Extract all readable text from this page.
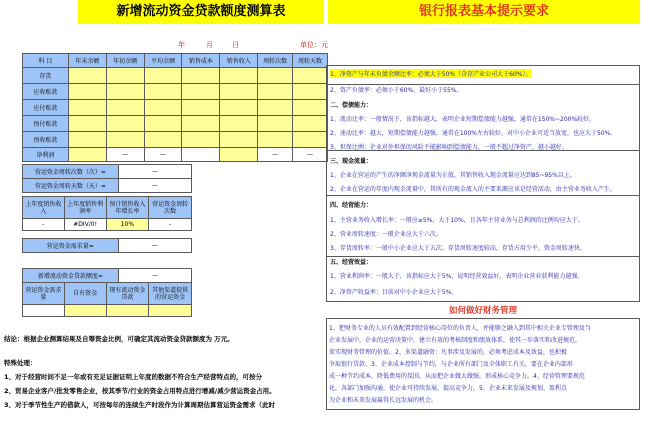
新增流动资金贷款额度测算表	银行报表基本提示要求
年	月	日	单位：元
科 目	年末余额	年初余额	平均余额	销售成本	销售收入	周转次数	周转天数
存货							
应收账款							
应付账款							
预付账款							
预收账款							
净利润		—	—			—	—
营运资金周转次数（次）=	—
营运资金周转天数（天）=	—
上年度销售收入	上年度销售利润率	预计销售收入年增长率	营运资金周转次数
-	#DIV/0!	10%	-
营运资金需求量=	—
新增流动资金贷款额度=	—
营运资金需求量	自有资金	现有流动资金贷款	其他渠道提供的营运资金

1、净资产与年末负债余额比率：必须大于50%（含存产业公司大于60%）。
2、资产负债率：必须小于60%，最好小于55%。
二、偿债能力：
1、流动比率：一般情况下，该指标越大，表明企业短期偿债能力越强，通常在150%~200%较好。
2、速动比率：越大，短期偿债能力越强，通常在100%左右较好，对中小企业可适当放宽，也应大于50%。
3、担保比例：企业对外担保的风险不能影响到偿债能力，一般不超过净资产，越小越好。
三、现金流量：
1、企业在营运的产生的净额净现金流量为正值，其销售收入现金流量应达到85~95%以上。
2、企业在营运的年度内现金流量中，其所有的现金流入的主要来源应该是经营活动，由主营业务收入产生。
四、经营能力：
1、主营业务收入增长率：一般应≥5%，大于10%，且各年主营业务与总利润的比例均应大于。
2、营业周转速度：一般企业应大于六次。
3、存货周转率：一般中小企业应大于五次。存货周转速度较高，存货占用少平，资金周转速快。
五、经营效益：
1、营业利润率：一般大于，该指标应大于5%，说明经营效益好，表明企业营业获利能力越强。
2、净资产收益率：目前对中小企业应大于5%。
如何做好财务管理
1、把财务专业的人员有效配置到经营核心岗位的负责人，并能够之融入到其中相关企业专管理及当
企业发展中，企业的运营决策中，建立有效的考核制度和绩效体系，使其一步落实和改进规范，
来实现财务管理的价值。2、多渠道融资：凡事涉及发展的，必须考虑成本及效益，也积极
争取银行贷款、3、企业成本控制与节约，与企业所有部门及全体职工有关，要在企业内部形
成一种节约成本、降低费用的氛围，从而把企业做大做强，形成核心竞争力。4、经营管理要规范
化，各部门加强沟通，使企业可持续发展，提高竞争力，5、企业未来发展及规划、盈利点
为企业和未来发展赢得长远发展的机会。
结论：根据企业测算结果及自筹资金比例，可确定其流动资金贷款额度为 万元。
特殊处理：
1、对于经营时间不足一年或有充足证据证明上年度的数据不符合生产经营特点的，可按分
2、贸易企业客户/批发零售企业，按其季节/行业的资金占用特点进行增减/减少营运资金占用。
3、对于季节性生产的借款人，可按每年的连续生产时段作为计算周期估算营运资金需求（此时
